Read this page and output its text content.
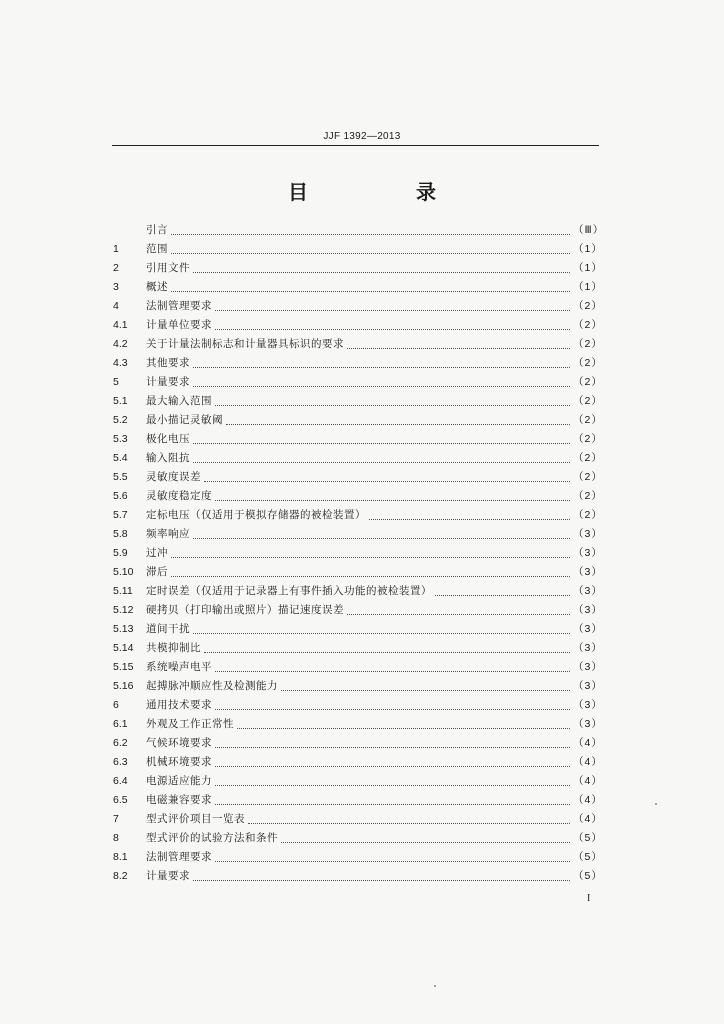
JJF 1392—2013
目　录
引言	（Ⅲ）
1	范围	（1）
2	引用文件	（1）
3	概述	（1）
4	法制管理要求	（2）
4.1	计量单位要求	（2）
4.2	关于计量法制标志和计量器具标识的要求	（2）
4.3	其他要求	（2）
5	计量要求	（2）
5.1	最大输入范围	（2）
5.2	最小描记灵敏阈	（2）
5.3	极化电压	（2）
5.4	输入阻抗	（2）
5.5	灵敏度误差	（2）
5.6	灵敏度稳定度	（2）
5.7	定标电压（仅适用于模拟存储器的被检装置）	（2）
5.8	频率响应	（3）
5.9	过冲	（3）
5.10	滞后	（3）
5.11	定时误差（仅适用于记录器上有事件插入功能的被检装置）	（3）
5.12	硬拷贝（打印输出或照片）描记速度误差	（3）
5.13	道间干扰	（3）
5.14	共模抑制比	（3）
5.15	系统噪声电平	（3）
5.16	起搏脉冲顺应性及检测能力	（3）
6	通用技术要求	（3）
6.1	外观及工作正常性	（3）
6.2	气候环境要求	（4）
6.3	机械环境要求	（4）
6.4	电源适应能力	（4）
6.5	电磁兼容要求	（4）
7	型式评价项目一览表	（4）
8	型式评价的试验方法和条件	（5）
8.1	法制管理要求	（5）
8.2	计量要求	（5）
I
